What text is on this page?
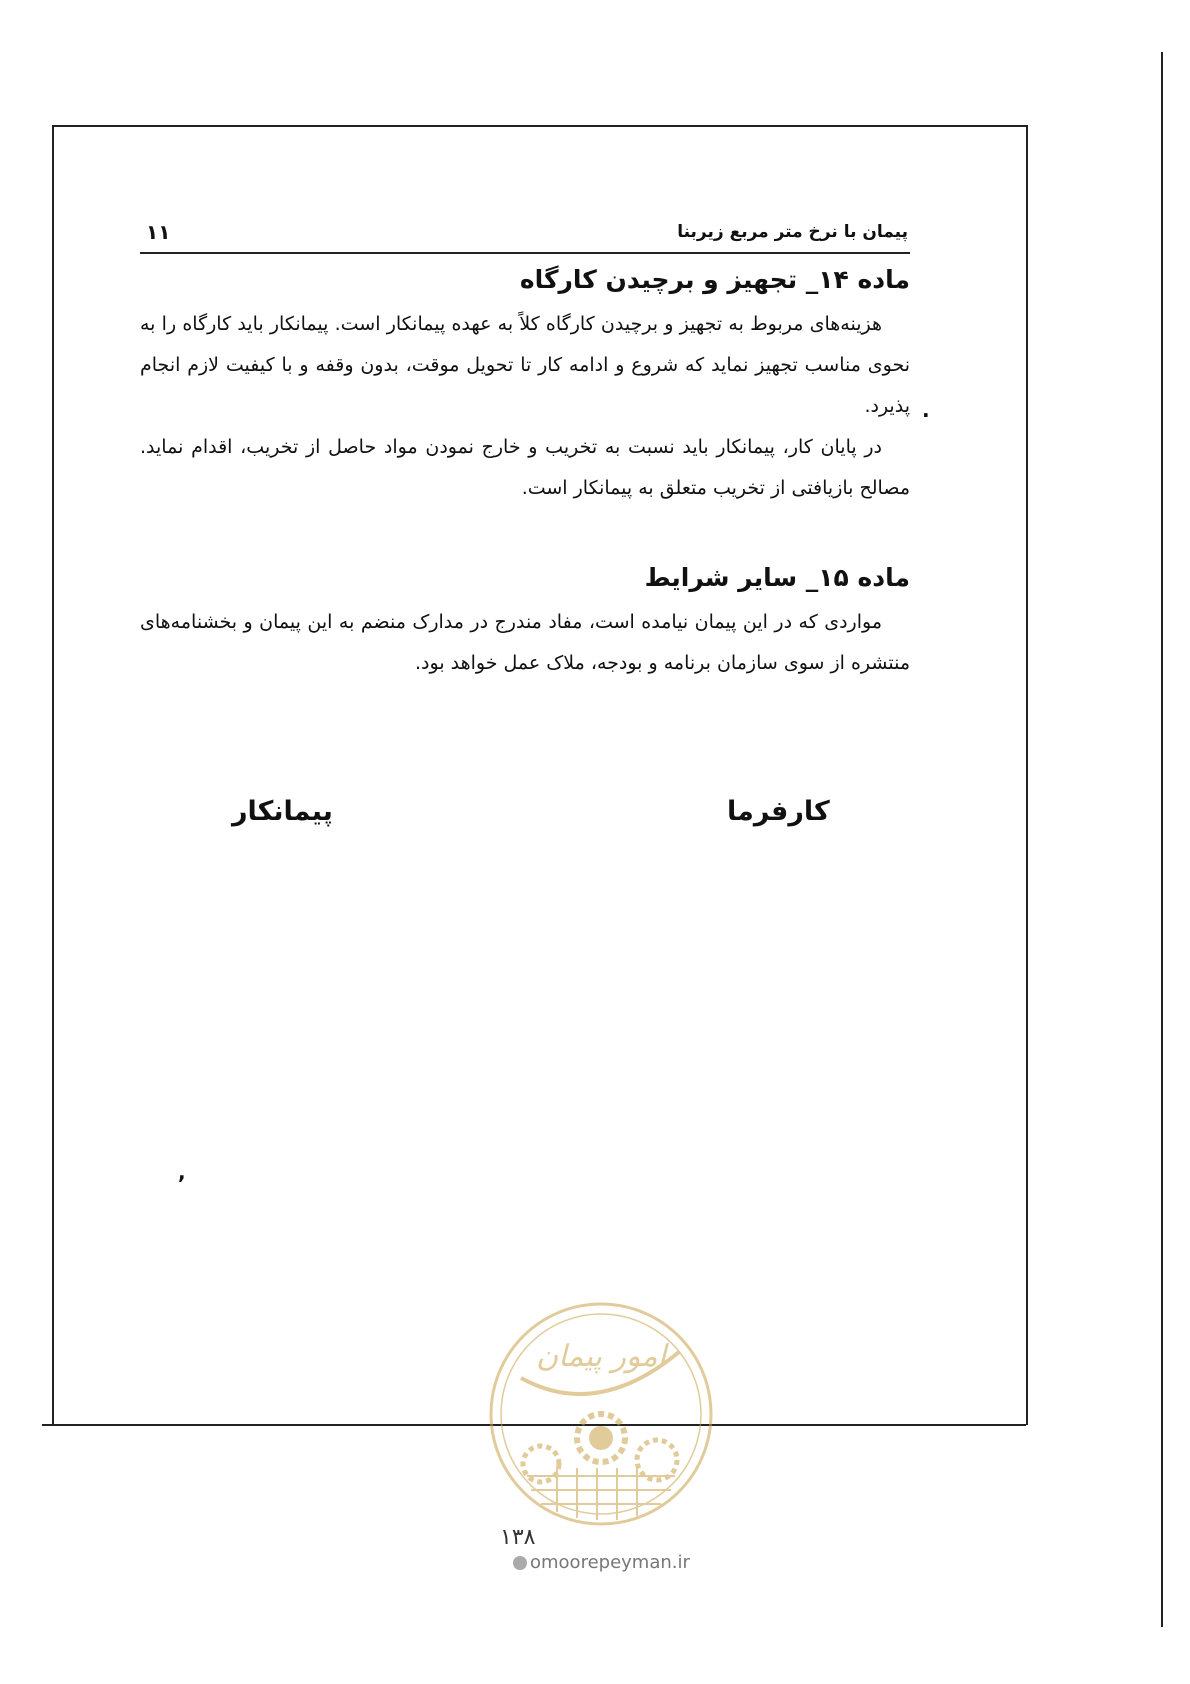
پیمان با نرخ متر مربع زیربنا
۱۱
ماده ۱۴_ تجهیز و برچیدن کارگاه

هزینه‌های مربوط به تجهیز و برچیدن کارگاه کلاً به عهده پیمانکار است. پیمانکار باید کارگاه را به نحوی مناسب تجهیز نماید که شروع و ادامه کار تا تحویل موقت، بدون وقفه و با کیفیت لازم انجام پذیرد.

در پایان کار، پیمانکار باید نسبت به تخریب و خارج نمودن مواد حاصل از تخریب، اقدام نماید. مصالح بازیافتی از تخریب متعلق به پیمانکار است.

.
ماده ۱۵_ سایر شرایط

مواردی که در این پیمان نیامده است، مفاد مندرج در مدارک منضم به این پیمان و بخشنامه‌های منتشره از سوی سازمان برنامه و بودجه، ملاک عمل خواهد بود.

کارفرما
پیمانکار
,
امور پیمان
۱۳۸
omoorepeyman.ir
